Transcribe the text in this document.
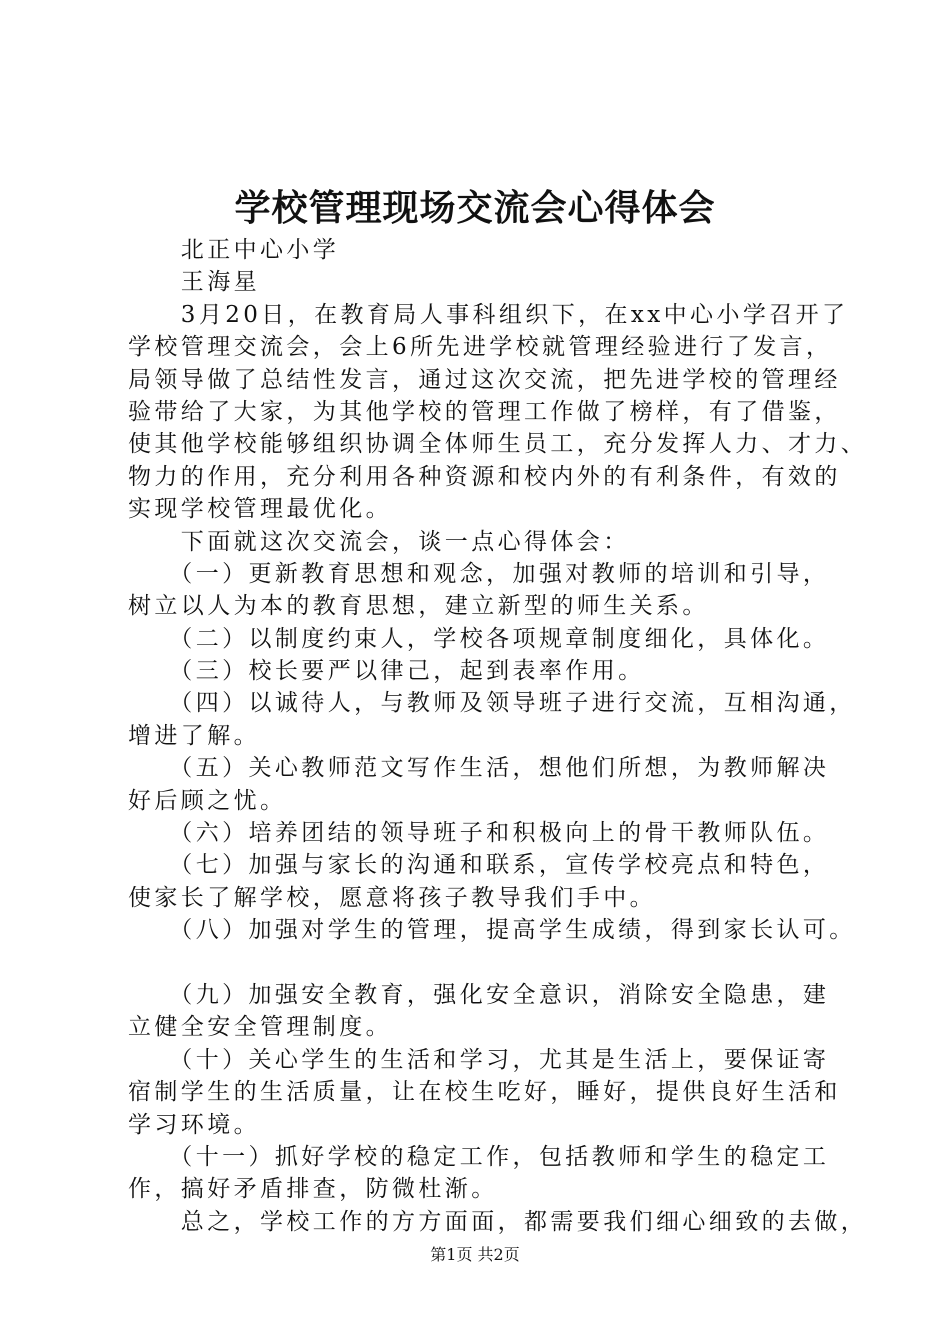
学校管理现场交流会心得体会
　　北正中心小学
　　王海星
　　3月20日，在教育局人事科组织下，在xx中心小学召开了
学校管理交流会，会上6所先进学校就管理经验进行了发言，
局领导做了总结性发言，通过这次交流，把先进学校的管理经
验带给了大家，为其他学校的管理工作做了榜样，有了借鉴，
使其他学校能够组织协调全体师生员工，充分发挥人力、才力、
物力的作用，充分利用各种资源和校内外的有利条件，有效的
实现学校管理最优化。
　　下面就这次交流会，谈一点心得体会：
　　（一）更新教育思想和观念，加强对教师的培训和引导，
树立以人为本的教育思想，建立新型的师生关系。
　　（二）以制度约束人，学校各项规章制度细化，具体化。
　　（三）校长要严以律己，起到表率作用。
　　（四）以诚待人，与教师及领导班子进行交流，互相沟通，
增进了解。
　　（五）关心教师范文写作生活，想他们所想，为教师解决
好后顾之忧。
　　（六）培养团结的领导班子和积极向上的骨干教师队伍。
　　（七）加强与家长的沟通和联系，宣传学校亮点和特色，
使家长了解学校，愿意将孩子教导我们手中。
　　（八）加强对学生的管理，提高学生成绩，得到家长认可。
　　（九）加强安全教育，强化安全意识，消除安全隐患，建
立健全安全管理制度。
　　（十）关心学生的生活和学习，尤其是生活上，要保证寄
宿制学生的生活质量，让在校生吃好，睡好，提供良好生活和
学习环境。
　　（十一）抓好学校的稳定工作，包括教师和学生的稳定工
作，搞好矛盾排查，防微杜渐。
　　总之，学校工作的方方面面，都需要我们细心细致的去做，
第1页 共2页
